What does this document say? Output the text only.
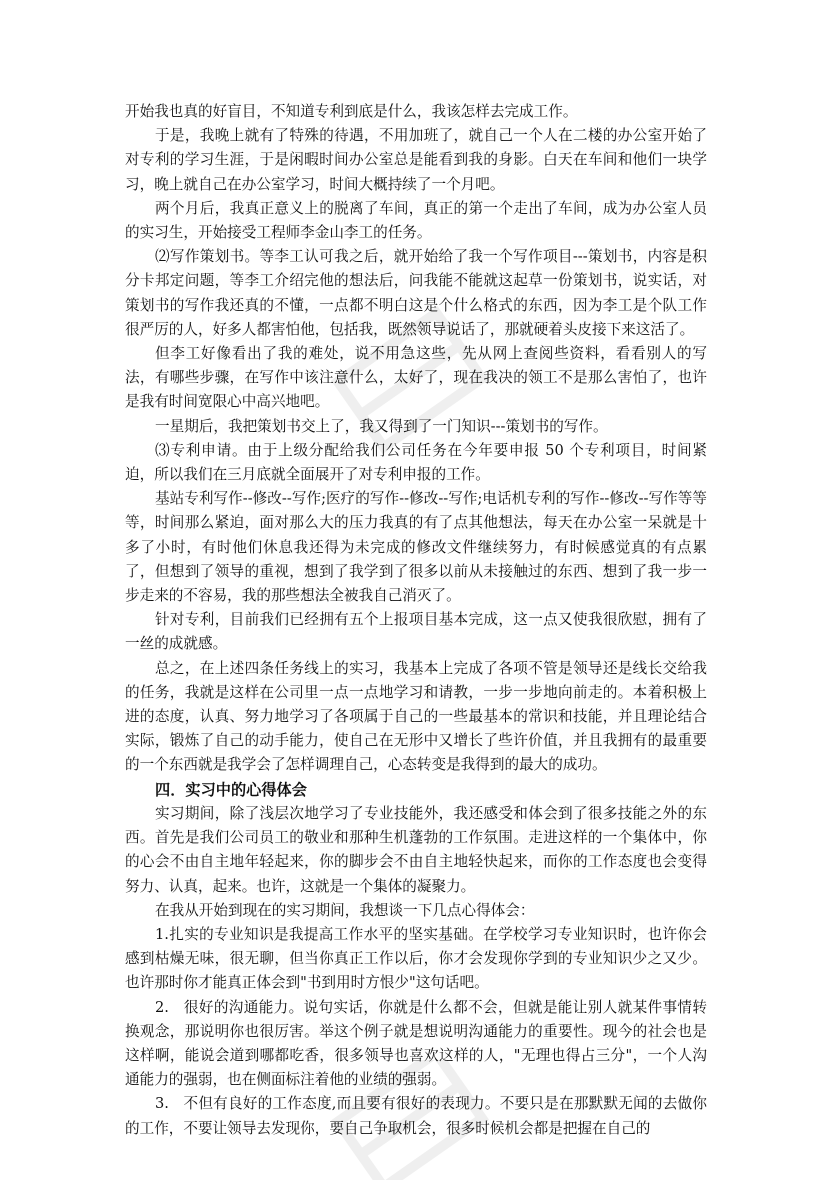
开始我也真的好盲目，不知道专利到底是什么，我该怎样去完成工作。

于是，我晚上就有了特殊的待遇，不用加班了，就自己一个人在二楼的办公室开始了对专利的学习生涯，于是闲暇时间办公室总是能看到我的身影。白天在车间和他们一块学习，晚上就自己在办公室学习，时间大概持续了一个月吧。

两个月后，我真正意义上的脱离了车间，真正的第一个走出了车间，成为办公室人员的实习生，开始接受工程师李金山李工的任务。

⑵写作策划书。等李工认可我之后，就开始给了我一个写作项目---策划书，内容是积分卡邦定问题，等李工介绍完他的想法后，问我能不能就这起草一份策划书，说实话，对策划书的写作我还真的不懂，一点都不明白这是个什么格式的东西，因为李工是个队工作很严厉的人，好多人都害怕他，包括我，既然领导说话了，那就硬着头皮接下来这活了。

但李工好像看出了我的难处，说不用急这些，先从网上查阅些资料，看看别人的写法，有哪些步骤，在写作中该注意什么，太好了，现在我决的领工不是那么害怕了，也许是我有时间宽限心中高兴地吧。

一星期后，我把策划书交上了，我又得到了一门知识---策划书的写作。

⑶专利申请。由于上级分配给我们公司任务在今年要申报 50 个专利项目，时间紧迫，所以我们在三月底就全面展开了对专利申报的工作。

基站专利写作--修改--写作;医疗的写作--修改--写作;电话机专利的写作--修改--写作等等等，时间那么紧迫，面对那么大的压力我真的有了点其他想法，每天在办公室一呆就是十多了小时，有时他们休息我还得为未完成的修改文件继续努力，有时候感觉真的有点累了，但想到了领导的重视，想到了我学到了很多以前从未接触过的东西、想到了我一步一步走来的不容易，我的那些想法全被我自己消灭了。

针对专利，目前我们已经拥有五个上报项目基本完成，这一点又使我很欣慰，拥有了一丝的成就感。

总之，在上述四条任务线上的实习，我基本上完成了各项不管是领导还是线长交给我的任务，我就是这样在公司里一点一点地学习和请教，一步一步地向前走的。本着积极上进的态度，认真、努力地学习了各项属于自己的一些最基本的常识和技能，并且理论结合实际，锻炼了自己的动手能力，使自己在无形中又增长了些许价值，并且我拥有的最重要的一个东西就是我学会了怎样调理自己，心态转变是我得到的最大的成功。

四．实习中的心得体会

实习期间，除了浅层次地学习了专业技能外，我还感受和体会到了很多技能之外的东西。首先是我们公司员工的敬业和那种生机蓬勃的工作氛围。走进这样的一个集体中，你的心会不由自主地年轻起来，你的脚步会不由自主地轻快起来，而你的工作态度也会变得努力、认真，起来。也许，这就是一个集体的凝聚力。

在我从开始到现在的实习期间，我想谈一下几点心得体会：

1.扎实的专业知识是我提高工作水平的坚实基础。在学校学习专业知识时，也许你会感到枯燥无味，很无聊，但当你真正工作以后，你才会发现你学到的专业知识少之又少。也许那时你才能真正体会到"书到用时方恨少"这句话吧。

2.   很好的沟通能力。说句实话，你就是什么都不会，但就是能让别人就某件事情转换观念，那说明你也很厉害。举这个例子就是想说明沟通能力的重要性。现今的社会也是这样啊，能说会道到哪都吃香，很多领导也喜欢这样的人，"无理也得占三分"，一个人沟通能力的强弱，也在侧面标注着他的业绩的强弱。

3.   不但有良好的工作态度,而且要有很好的表现力。不要只是在那默默无闻的去做你的工作，不要让领导去发现你，要自己争取机会，很多时候机会都是把握在自己的
